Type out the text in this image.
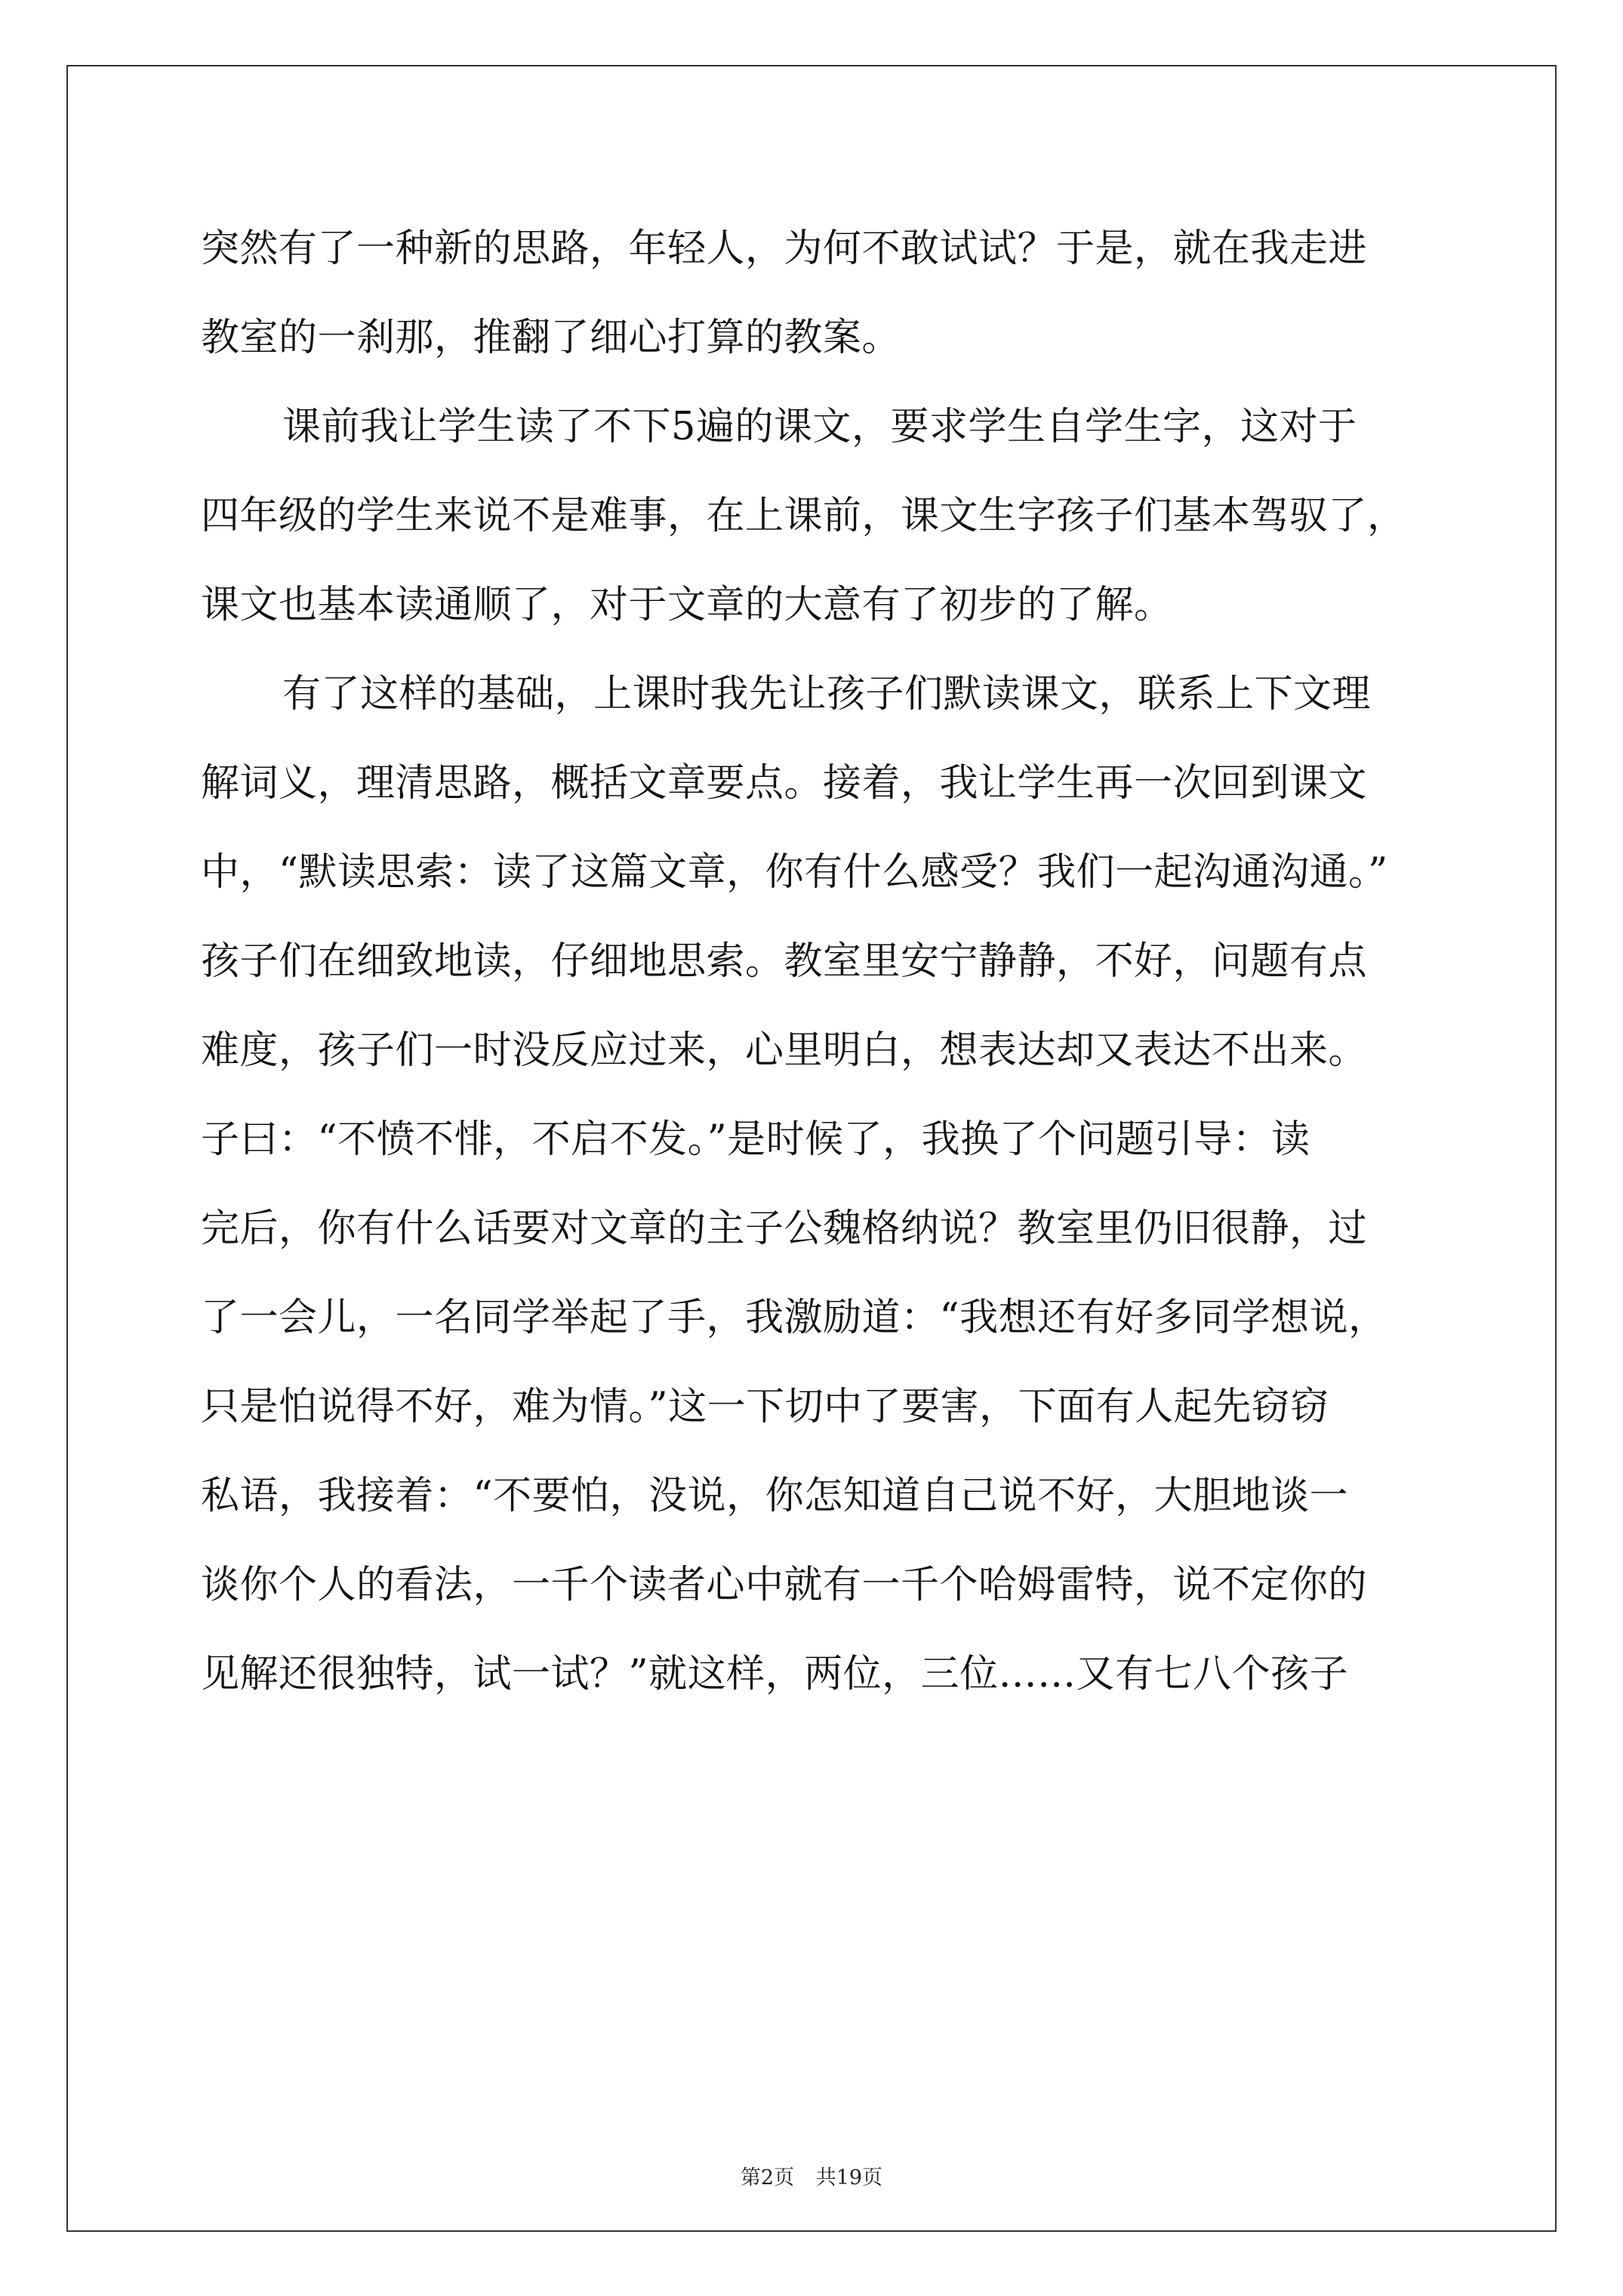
突然有了一种新的思路，年轻人，为何不敢试试？于是，就在我走进
教室的一刹那，推翻了细心打算的教案。
课前我让学生读了不下5遍的课文，要求学生自学生字，这对于
四年级的学生来说不是难事，在上课前，课文生字孩子们基本驾驭了，
课文也基本读通顺了，对于文章的大意有了初步的了解。
有了这样的基础，上课时我先让孩子们默读课文，联系上下文理
解词义，理清思路，概括文章要点。接着，我让学生再一次回到课文
中，“默读思索：读了这篇文章，你有什么感受？我们一起沟通沟通。”
孩子们在细致地读，仔细地思索。教室里安宁静静，不好，问题有点
难度，孩子们一时没反应过来，心里明白，想表达却又表达不出来。
子曰：“不愤不悱，不启不发。”是时候了，我换了个问题引导：读
完后，你有什么话要对文章的主子公魏格纳说？教室里仍旧很静，过
了一会儿，一名同学举起了手，我激励道：“我想还有好多同学想说，
只是怕说得不好，难为情。”这一下切中了要害，下面有人起先窃窃
私语，我接着：“不要怕，没说，你怎知道自己说不好，大胆地谈一
谈你个人的看法，一千个读者心中就有一千个哈姆雷特，说不定你的
见解还很独特，试一试？”就这样，两位，三位……又有七八个孩子
第2页 共19页
